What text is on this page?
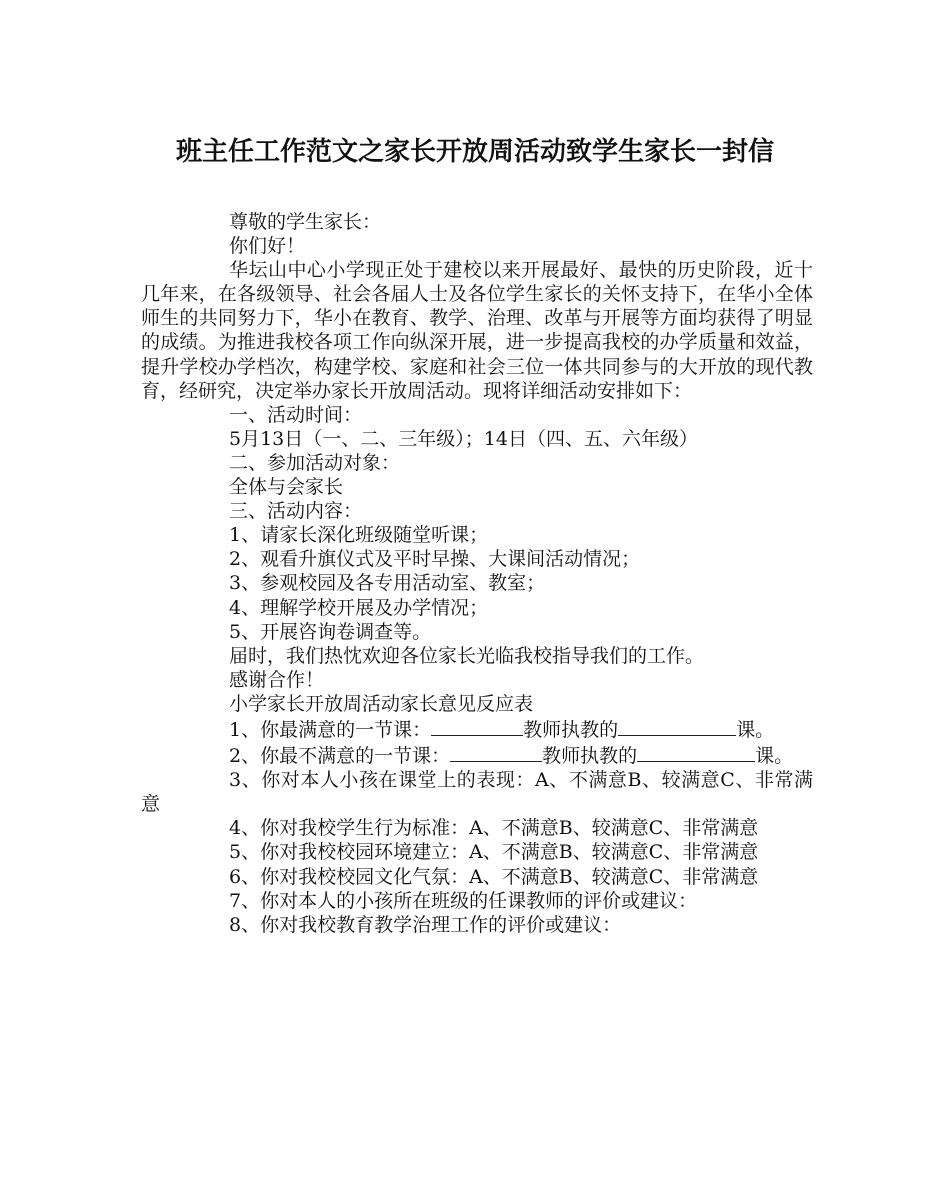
班主任工作范文之家长开放周活动致学生家长一封信

尊敬的学生家长：

你们好！

华坛山中心小学现正处于建校以来开展最好、最快的历史阶段，近十几年来，在各级领导、社会各届人士及各位学生家长的关怀支持下，在华小全体师生的共同努力下，华小在教育、教学、治理、改革与开展等方面均获得了明显的成绩。为推进我校各项工作向纵深开展，进一步提高我校的办学质量和效益，提升学校办学档次，构建学校、家庭和社会三位一体共同参与的大开放的现代教育，经研究，决定举办家长开放周活动。现将详细活动安排如下：

一、活动时间：

5月13日（一、二、三年级）；14日（四、五、六年级）

二、参加活动对象：

全体与会家长

三、活动内容：

1、请家长深化班级随堂听课；

2、观看升旗仪式及平时早操、大课间活动情况；

3、参观校园及各专用活动室、教室；

4、理解学校开展及办学情况；

5、开展咨询卷调查等。

届时，我们热忱欢迎各位家长光临我校指导我们的工作。

感谢合作！

小学家长开放周活动家长意见反应表

1、你最满意的一节课：	教师执教的	课。

2、你最不满意的一节课：	教师执教的	课。

3、你对本人小孩在课堂上的表现：A、不满意B、较满意C、非常满意

4、你对我校学生行为标准：A、不满意B、较满意C、非常满意

5、你对我校校园环境建立：A、不满意B、较满意C、非常满意

6、你对我校校园文化气氛：A、不满意B、较满意C、非常满意

7、你对本人的小孩所在班级的任课教师的评价或建议：

8、你对我校教育教学治理工作的评价或建议：
